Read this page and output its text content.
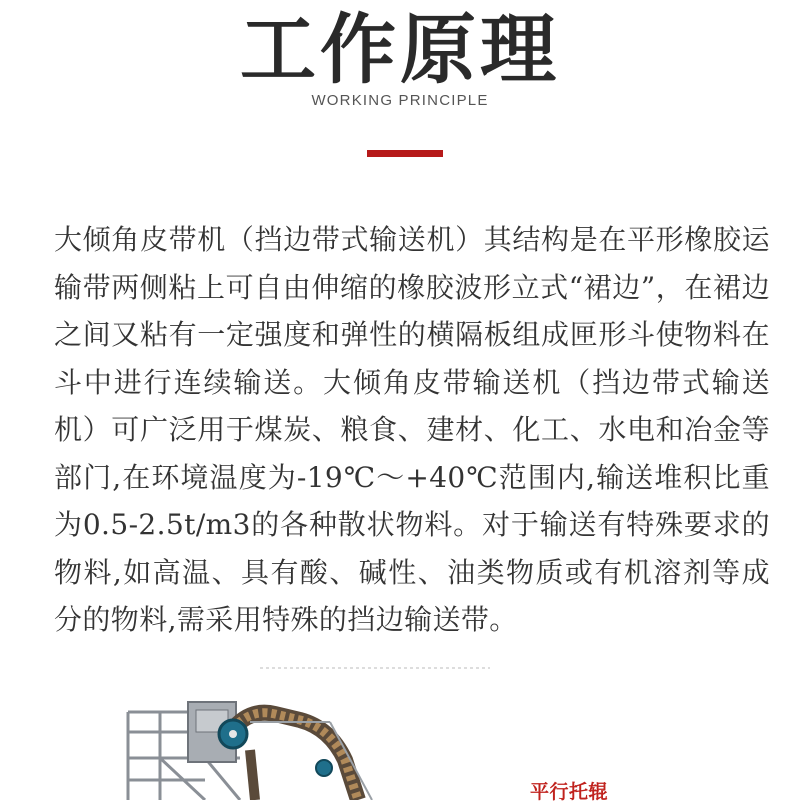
工作原理
WORKING PRINCIPLE
大倾角皮带机（挡边带式输送机）其结构是在平形橡胶运输带两侧粘上可自由伸缩的橡胶波形立式“裙边”，在裙边之间又粘有一定强度和弹性的横隔板组成匣形斗使物料在斗中进行连续输送。大倾角皮带输送机（挡边带式输送机）可广泛用于煤炭、粮食、建材、化工、水电和冶金等部门,在环境温度为-19℃～+40℃范围内,输送堆积比重为0.5-2.5t/m3的各种散状物料。对于输送有特殊要求的物料,如高温、具有酸、碱性、油类物质或有机溶剂等成分的物料,需采用特殊的挡边输送带。
平行托辊
